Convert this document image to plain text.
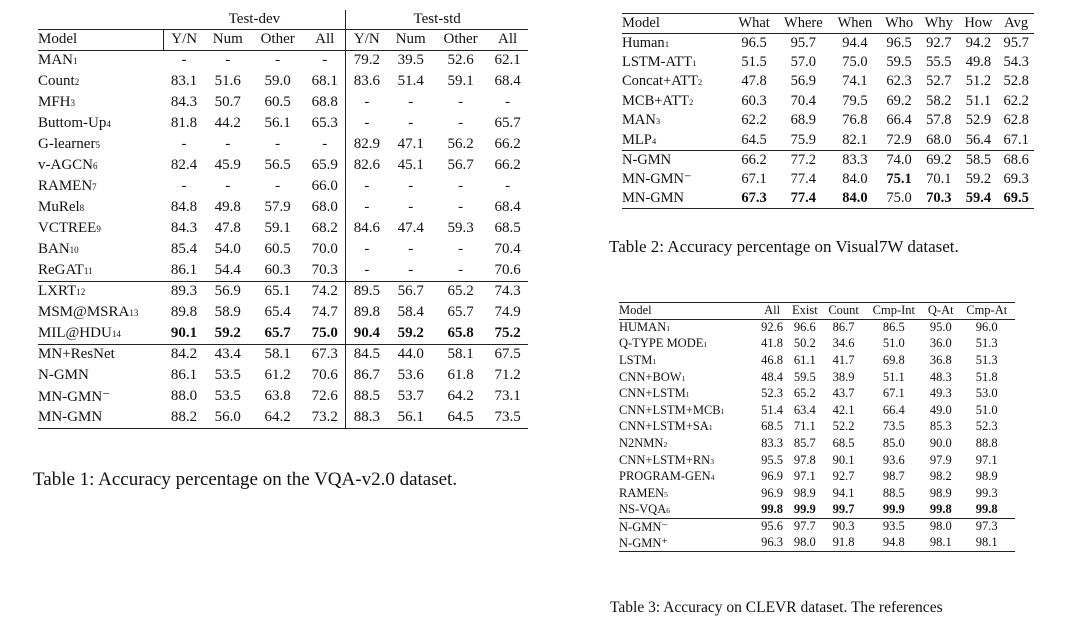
	Test-dev				Test-std			
Model	Y/N	Num	Other	All	Y/N	Num	Other	All
MAN$^1$	-	-	-	-	79.2	39.5	52.6	62.1
Count$^2$	83.1	51.6	59.0	68.1	83.6	51.4	59.1	68.4
MFH$^3$	84.3	50.7	60.5	68.8	-	-	-	-
Buttom-Up$^4$	81.8	44.2	56.1	65.3	-	-	-	65.7
G-learner$^5$	-	-	-	-	82.9	47.1	56.2	66.2
v-AGCN$^6$	82.4	45.9	56.5	65.9	82.6	45.1	56.7	66.2
RAMEN$^7$	-	-	-	66.0	-	-	-	-
MuRel$^8$	84.8	49.8	57.9	68.0	-	-	-	68.4
VCTREE$^9$	84.3	47.8	59.1	68.2	84.6	47.4	59.3	68.5
BAN$^{10}$	85.4	54.0	60.5	70.0	-	-	-	70.4
ReGAT$^{11}$	86.1	54.4	60.3	70.3	-	-	-	70.6
LXRT$^{12}$	89.3	56.9	65.1	74.2	89.5	56.7	65.2	74.3
MSM@MSRA$^{13}$	89.8	58.9	65.4	74.7	89.8	58.4	65.7	74.9
MIL@HDU$^{14}$	90.1	59.2	65.7	75.0	90.4	59.2	65.8	75.2
MN+ResNet	84.2	43.4	58.1	67.3	84.5	44.0	58.1	67.5
N-GMN	86.1	53.5	61.2	70.6	86.7	53.6	61.8	71.2
MN-GMN⁻	88.0	53.5	63.8	72.6	88.5	53.7	64.2	73.1
MN-GMN	88.2	56.0	64.2	73.2	88.3	56.1	64.5	73.5
Table 1: Accuracy percentage on the VQA-v2.0 dataset.
Model	What	Where	When	Who	Why	How	Avg
Human$^1$	96.5	95.7	94.4	96.5	92.7	94.2	95.7
LSTM-ATT$^1$	51.5	57.0	75.0	59.5	55.5	49.8	54.3
$Concat+ATT^2$	47.8	56.9	74.1	62.3	52.7	51.2	52.8
$MCB+ATT^2$	60.3	70.4	79.5	69.2	58.2	51.1	62.2
MAN$^3$	62.2	68.9	76.8	66.4	57.8	52.9	62.8
MLP$^4$	64.5	75.9	82.1	72.9	68.0	56.4	67.1
N-GMN	66.2	77.2	83.3	74.0	69.2	58.5	68.6
MN-GMN⁻	67.1	77.4	84.0	75.1	70.1	59.2	69.3
MN-GMN	67.3	77.4	84.0	75.0	70.3	59.4	69.5
Table 2: Accuracy percentage on Visual7W dataset.
Model	All	Exist	Count	Cmp-Int	Q-At	Cmp-At
HUMAN$^1$	92.6	96.6	86.7	86.5	95.0	96.0
Q-TYPE MODE$^1$	41.8	50.2	34.6	51.0	36.0	51.3
LSTM$^1$	46.8	61.1	41.7	69.8	36.8	51.3
$CNN+BOW^1$	48.4	59.5	38.9	51.1	48.3	51.8
$CNN+LSTM^1$	52.3	65.2	43.7	67.1	49.3	53.0
$CNN+LSTM+MCB^1$	51.4	63.4	42.1	66.4	49.0	51.0
$CNN+LSTM+SA^1$	68.5	71.1	52.2	73.5	85.3	52.3
N2NMN$^2$	83.3	85.7	68.5	85.0	90.0	88.8
$CNN+LSTM+RN^3$	95.5	97.8	90.1	93.6	97.9	97.1
PROGRAM-GEN$^4$	96.9	97.1	92.7	98.7	98.2	98.9
RAMEN$^5$	96.9	98.9	94.1	88.5	98.9	99.3
NS-VQA$^6$	99.8	99.9	99.7	99.9	99.8	99.8
N-GMN⁻	95.6	97.7	90.3	93.5	98.0	97.3
N-GMN⁺	96.3	98.0	91.8	94.8	98.1	98.1
Table 3: Accuracy on CLEVR dataset. The references
